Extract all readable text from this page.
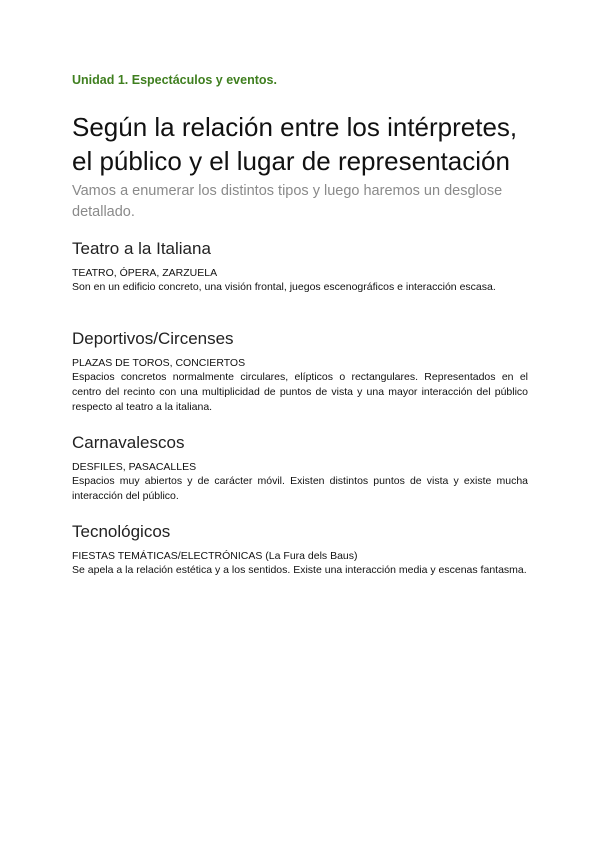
Unidad 1. Espectáculos y eventos.
Según la relación entre los intérpretes, el público y el lugar de representación

Vamos a enumerar los distintos tipos y luego haremos un desglose detallado.

Teatro a la Italiana

TEATRO, ÓPERA, ZARZUELA

Son en un edificio concreto, una visión frontal, juegos escenográficos e interacción escasa.

Deportivos/Circenses

PLAZAS DE TOROS, CONCIERTOS

Espacios concretos normalmente circulares, elípticos o rectangulares. Representados en el centro del recinto con una multiplicidad de puntos de vista y una mayor interacción del público respecto al teatro a la italiana.

Carnavalescos

DESFILES, PASACALLES

Espacios muy abiertos y de carácter móvil. Existen distintos puntos de vista y existe mucha interacción del público.

Tecnológicos

FIESTAS TEMÁTICAS/ELECTRÓNICAS (La Fura dels Baus)

Se apela a la relación estética y a los sentidos. Existe una interacción media y escenas fantasma.
